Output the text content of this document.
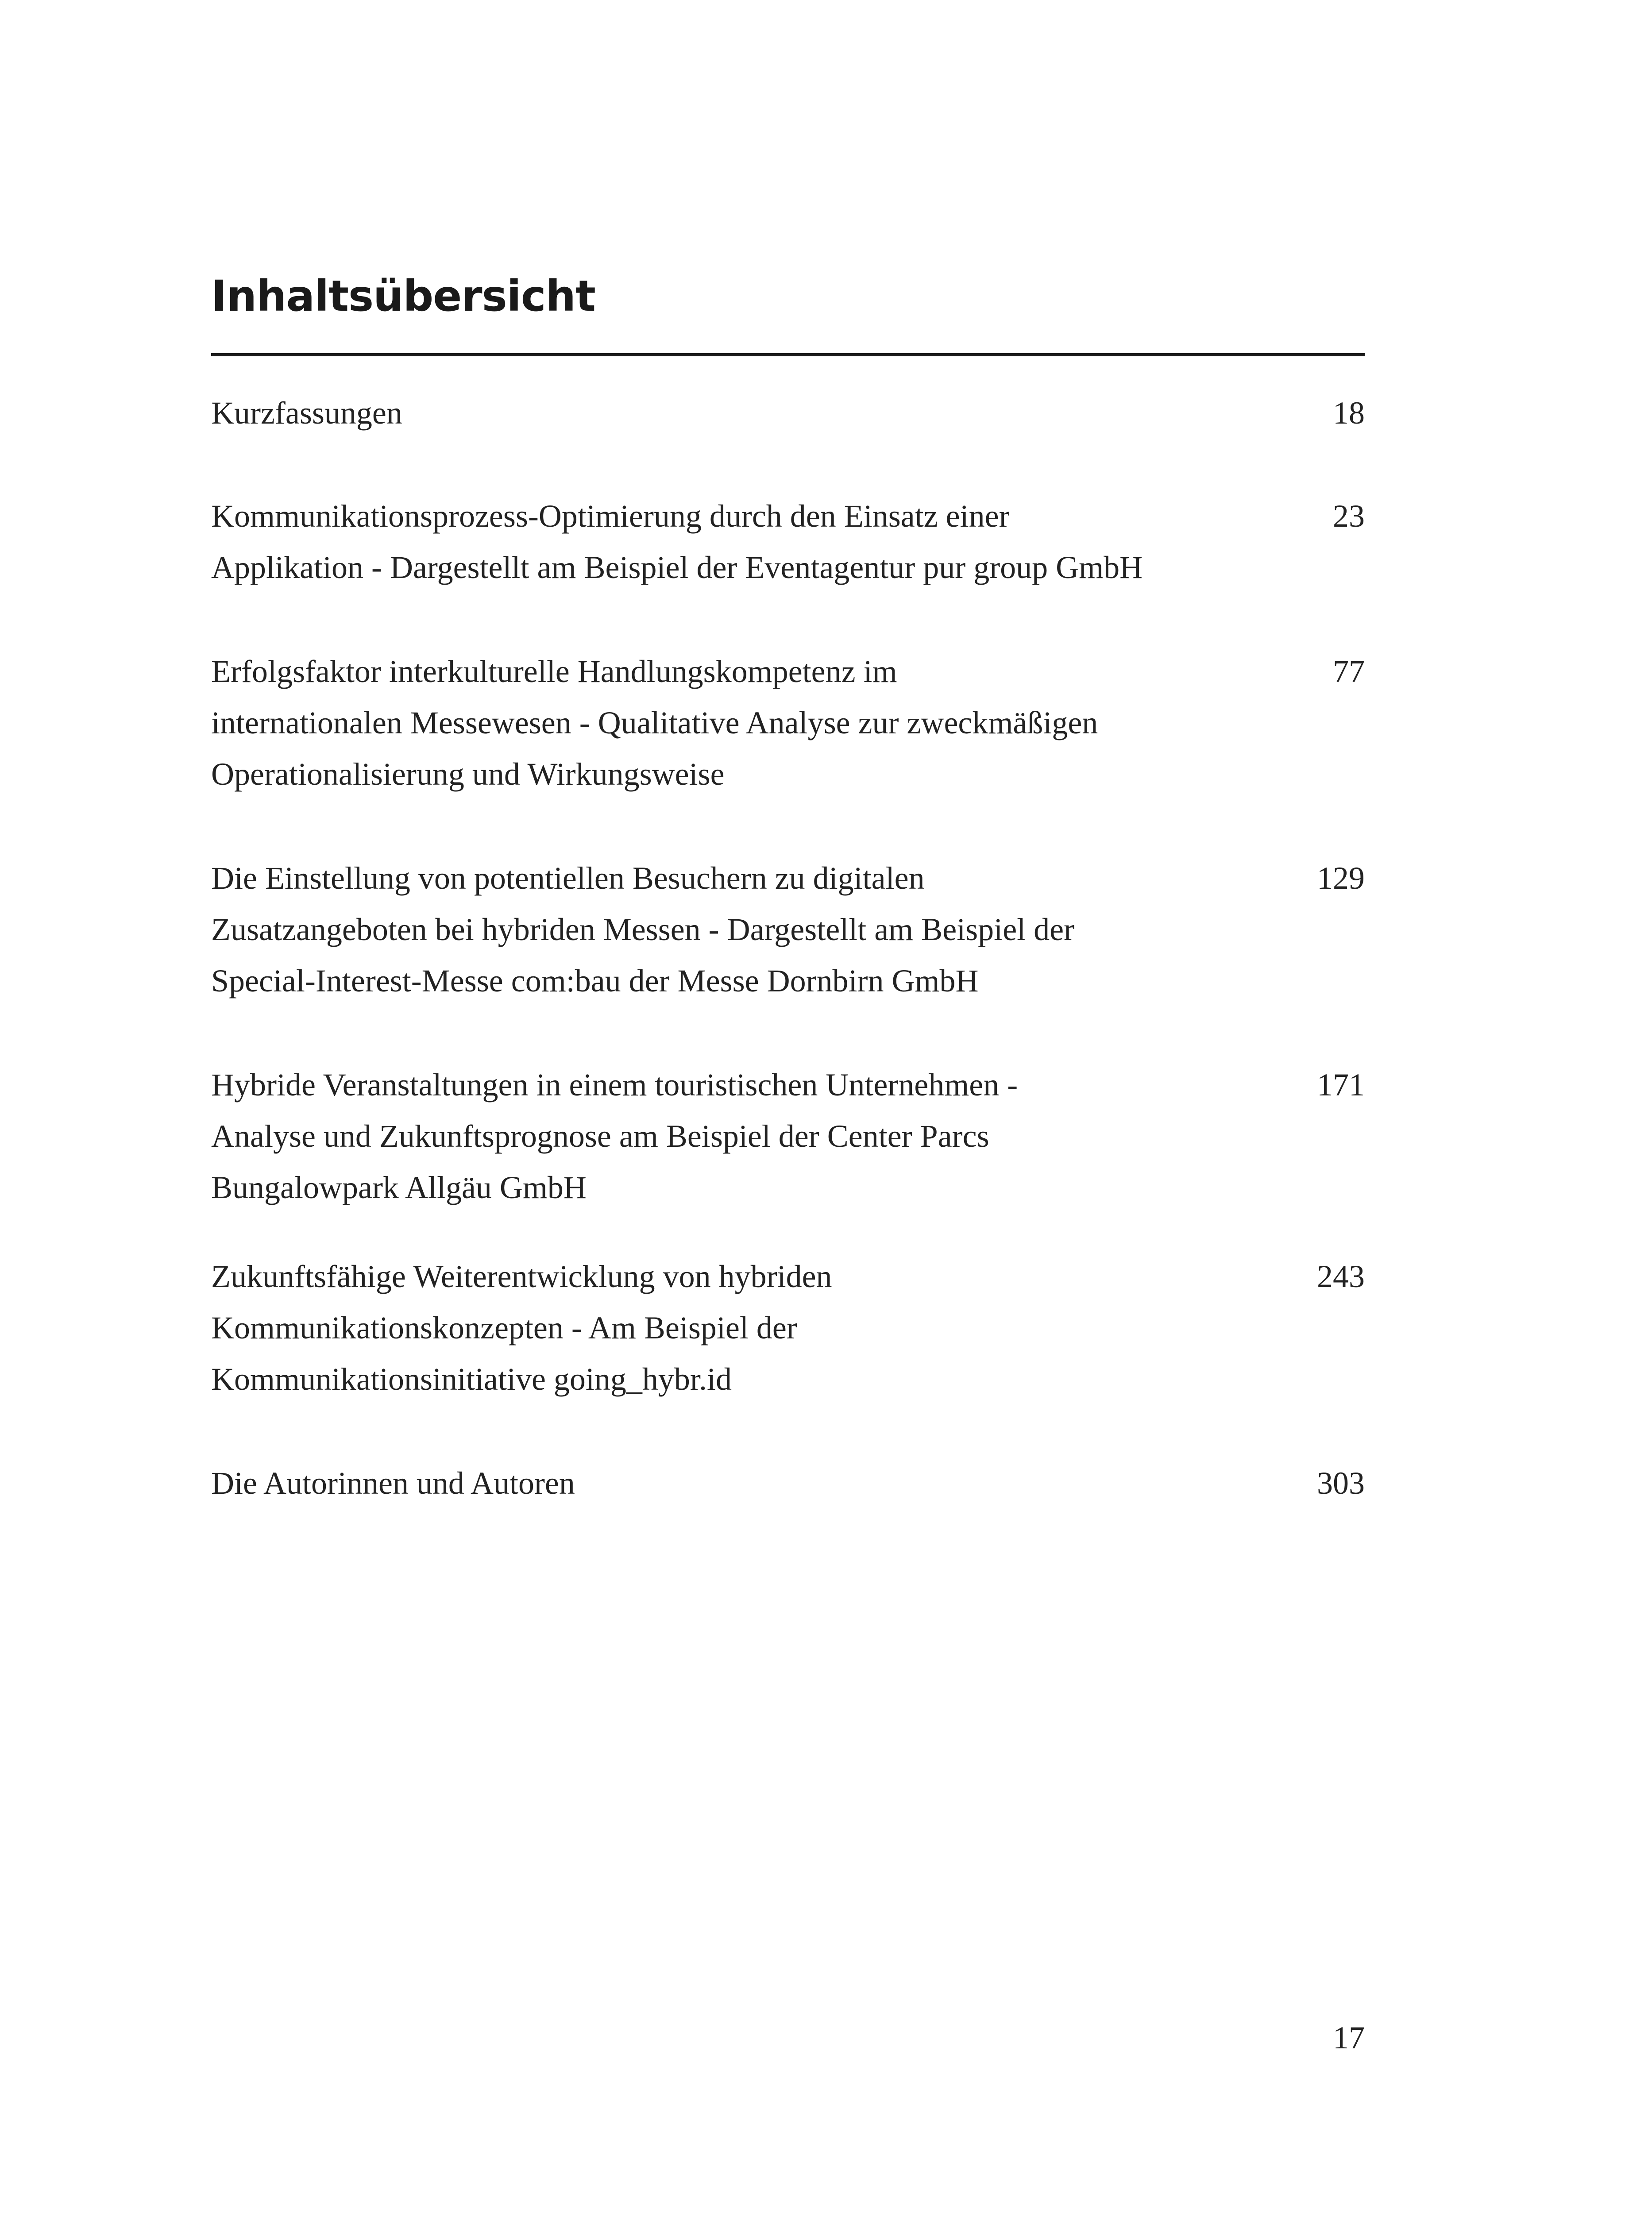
Inhaltsübersicht
Kurzfassungen	18
Kommunikationsprozess-Optimierung durch den Einsatz einer
Applikation - Dargestellt am Beispiel der Eventagentur pur group GmbH
23
Erfolgsfaktor interkulturelle Handlungskompetenz im
internationalen Messewesen - Qualitative Analyse zur zweckmäßigen
Operationalisierung und Wirkungsweise
77
Die Einstellung von potentiellen Besuchern zu digitalen
Zusatzangeboten bei hybriden Messen - Dargestellt am Beispiel der
Special-Interest-Messe com:bau der Messe Dornbirn GmbH
129
Hybride Veranstaltungen in einem touristischen Unternehmen -
Analyse und Zukunftsprognose am Beispiel der Center Parcs
Bungalowpark Allgäu GmbH
171
Zukunftsfähige Weiterentwicklung von hybriden
Kommunikationskonzepten - Am Beispiel der
Kommunikationsinitiative going_hybr.id
243
Die Autorinnen und Autoren	303
17
